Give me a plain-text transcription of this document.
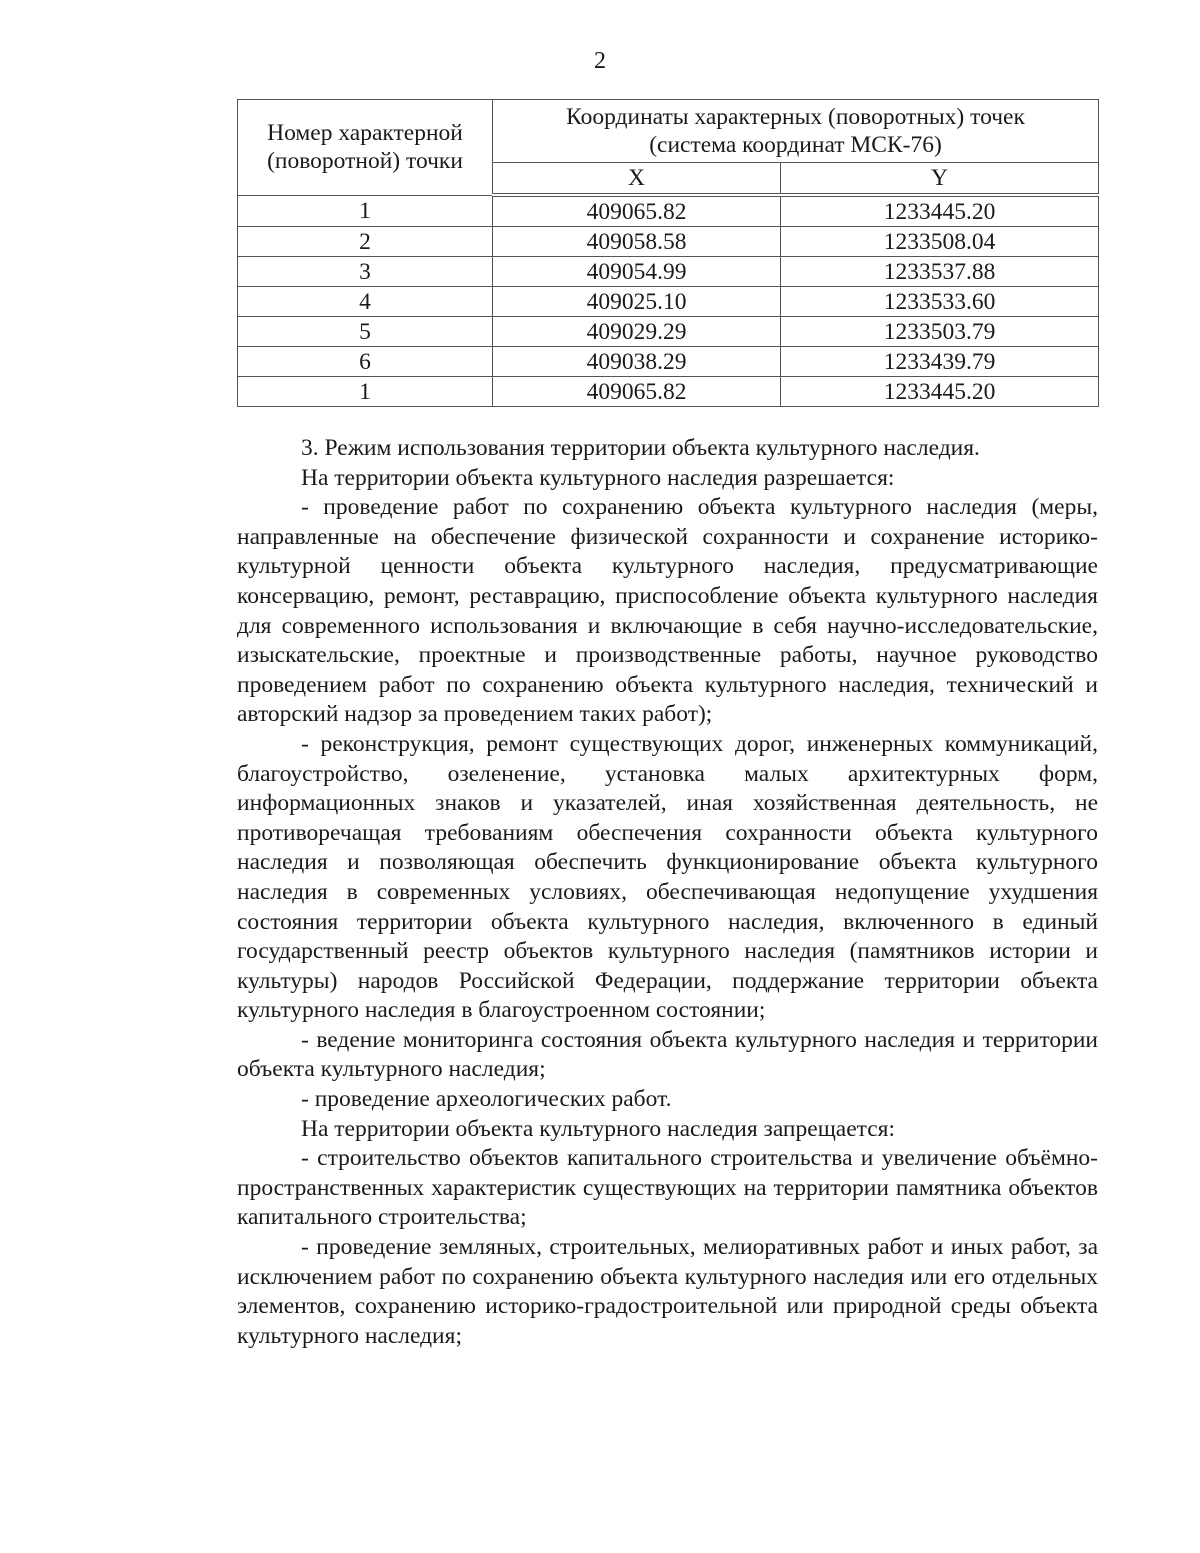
2
Номер характерной (поворотной) точки	Координаты характерных (поворотных) точек
(система координат МСК-76)	
	X	Y
1	409065.82	1233445.20
2	409058.58	1233508.04
3	409054.99	1233537.88
4	409025.10	1233533.60
5	409029.29	1233503.79
6	409038.29	1233439.79
1	409065.82	1233445.20

3. Режим использования территории объекта культурного наследия.

На территории объекта культурного наследия разрешается:

- проведение работ по сохранению объекта культурного наследия (меры, направленные на обеспечение физической сохранности и сохранение историко-культурной ценности объекта культурного наследия, предусматривающие консервацию, ремонт, реставрацию, приспособление объекта культурного наследия для современного использования и включающие в себя научно-исследовательские, изыскательские, проектные и производственные работы, научное руководство проведением работ по сохранению объекта культурного наследия, технический и авторский надзор за проведением таких работ);

- реконструкция, ремонт существующих дорог, инженерных коммуникаций, благоустройство, озеленение, установка малых архитектурных форм, информационных знаков и указателей, иная хозяйственная деятельность, не противоречащая требованиям обеспечения сохранности объекта культурного наследия и позволяющая обеспечить функционирование объекта культурного наследия в современных условиях, обеспечивающая недопущение ухудшения состояния территории объекта культурного наследия, включенного в единый государственный реестр объектов культурного наследия (памятников истории и культуры) народов Российской Федерации, поддержание территории объекта культурного наследия в благоустроенном состоянии;

- ведение мониторинга состояния объекта культурного наследия и территории объекта культурного наследия;

- проведение археологических работ.

На территории объекта культурного наследия запрещается:

- строительство объектов капитального строительства и увеличение объёмно-пространственных характеристик существующих на территории памятника объектов капитального строительства;

- проведение земляных, строительных, мелиоративных работ и иных работ, за исключением работ по сохранению объекта культурного наследия или его отдельных элементов, сохранению историко-градостроительной или природной среды объекта культурного наследия;
